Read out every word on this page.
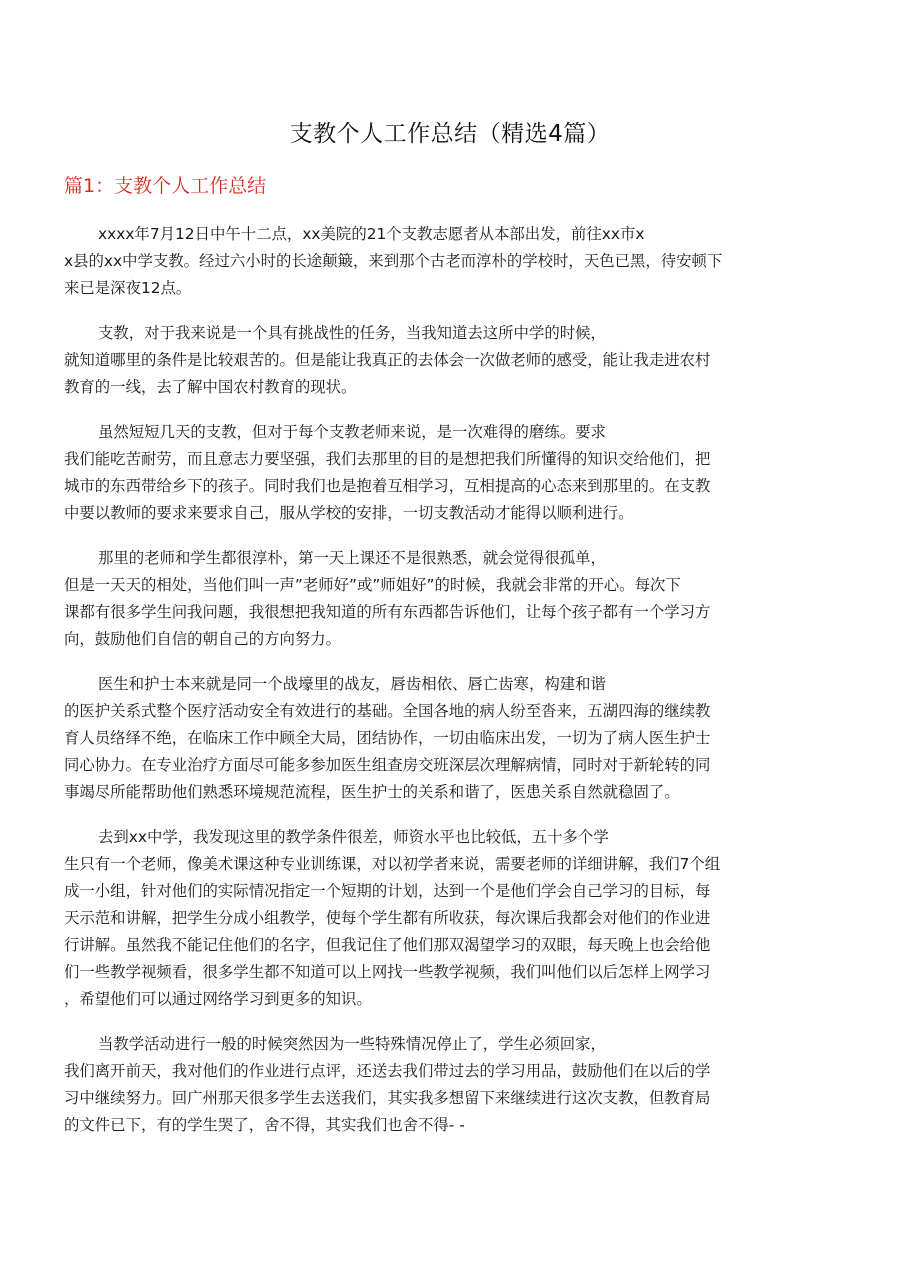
支教个人工作总结（精选4篇）
篇1：支教个人工作总结
xxxx年7月12日中午十二点，xx美院的21个支教志愿者从本部出发，前往xx市x
x县的xx中学支教。经过六小时的长途颠簸，来到那个古老而淳朴的学校时，天色已黑，待安顿下
来已是深夜12点。
支教，对于我来说是一个具有挑战性的任务，当我知道去这所中学的时候，
就知道哪里的条件是比较艰苦的。但是能让我真正的去体会一次做老师的感受，能让我走进农村
教育的一线，去了解中国农村教育的现状。
虽然短短几天的支教，但对于每个支教老师来说，是一次难得的磨练。要求
我们能吃苦耐劳，而且意志力要坚强，我们去那里的目的是想把我们所懂得的知识交给他们，把
城市的东西带给乡下的孩子。同时我们也是抱着互相学习，互相提高的心态来到那里的。在支教
中要以教师的要求来要求自己，服从学校的安排，一切支教活动才能得以顺利进行。
那里的老师和学生都很淳朴，第一天上课还不是很熟悉，就会觉得很孤单，
但是一天天的相处，当他们叫一声”老师好”或”师姐好”的时候，我就会非常的开心。每次下
课都有很多学生问我问题，我很想把我知道的所有东西都告诉他们，让每个孩子都有一个学习方
向，鼓励他们自信的朝自己的方向努力。
医生和护士本来就是同一个战壕里的战友，唇齿相依、唇亡齿寒，构建和谐
的医护关系式整个医疗活动安全有效进行的基础。全国各地的病人纷至沓来，五湖四海的继续教
育人员络绎不绝，在临床工作中顾全大局，团结协作，一切由临床出发，一切为了病人医生护士
同心协力。在专业治疗方面尽可能多参加医生组查房交班深层次理解病情，同时对于新轮转的同
事竭尽所能帮助他们熟悉环境规范流程，医生护士的关系和谐了，医患关系自然就稳固了。
去到xx中学，我发现这里的教学条件很差，师资水平也比较低，五十多个学
生只有一个老师，像美术课这种专业训练课，对以初学者来说，需要老师的详细讲解，我们7个组
成一小组，针对他们的实际情况指定一个短期的计划，达到一个是他们学会自己学习的目标，每
天示范和讲解，把学生分成小组教学，使每个学生都有所收获，每次课后我都会对他们的作业进
行讲解。虽然我不能记住他们的名字，但我记住了他们那双渴望学习的双眼，每天晚上也会给他
们一些教学视频看，很多学生都不知道可以上网找一些教学视频，我们叫他们以后怎样上网学习
，希望他们可以通过网络学习到更多的知识。
当教学活动进行一般的时候突然因为一些特殊情况停止了，学生必须回家，
我们离开前天，我对他们的作业进行点评，还送去我们带过去的学习用品，鼓励他们在以后的学
习中继续努力。回广州那天很多学生去送我们，其实我多想留下来继续进行这次支教，但教育局
的文件已下，有的学生哭了，舍不得，其实我们也舍不得- -
